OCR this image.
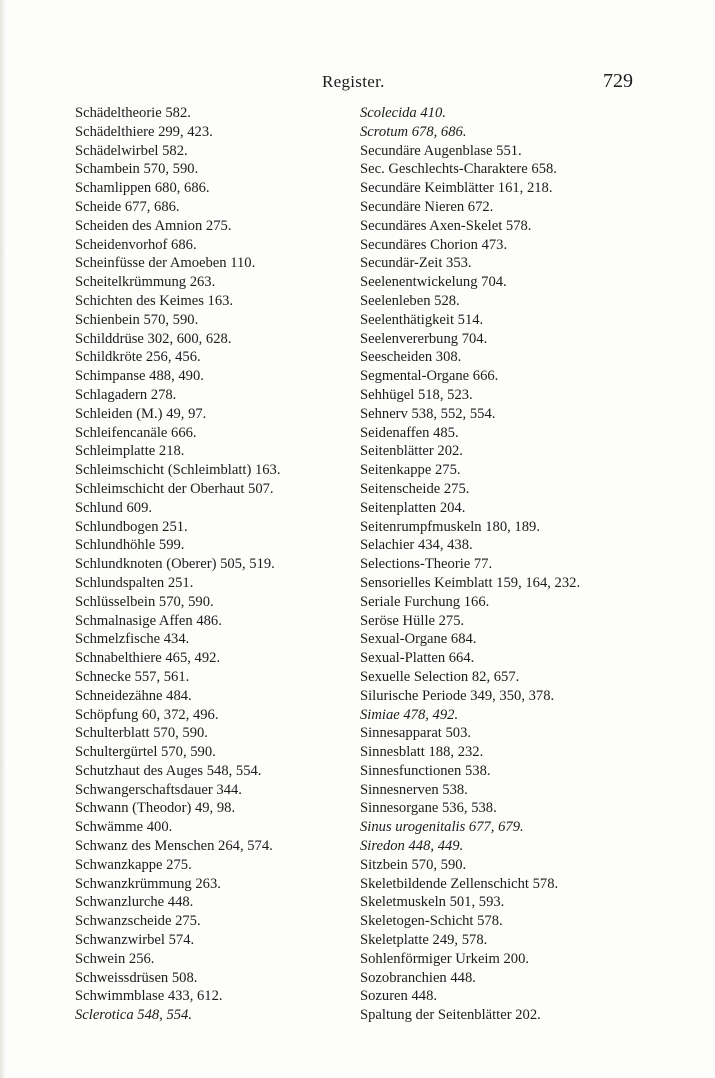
Register.	729
Schädeltheorie 582.
Schädelthiere 299, 423.
Schädelwirbel 582.
Schambein 570, 590.
Schamlippen 680, 686.
Scheide 677, 686.
Scheiden des Amnion 275.
Scheidenvorhof 686.
Scheinfüsse der Amoeben 110.
Scheitelkrümmung 263.
Schichten des Keimes 163.
Schienbein 570, 590.
Schilddrüse 302, 600, 628.
Schildkröte 256, 456.
Schimpanse 488, 490.
Schlagadern 278.
Schleiden (M.) 49, 97.
Schleifencanäle 666.
Schleimplatte 218.
Schleimschicht (Schleimblatt) 163.
Schleimschicht der Oberhaut 507.
Schlund 609.
Schlundbogen 251.
Schlundhöhle 599.
Schlundknoten (Oberer) 505, 519.
Schlundspalten 251.
Schlüsselbein 570, 590.
Schmalnasige Affen 486.
Schmelzfische 434.
Schnabelthiere 465, 492.
Schnecke 557, 561.
Schneidezähne 484.
Schöpfung 60, 372, 496.
Schulterblatt 570, 590.
Schultergürtel 570, 590.
Schutzhaut des Auges 548, 554.
Schwangerschaftsdauer 344.
Schwann (Theodor) 49, 98.
Schwämme 400.
Schwanz des Menschen 264, 574.
Schwanzkappe 275.
Schwanzkrümmung 263.
Schwanzlurche 448.
Schwanzscheide 275.
Schwanzwirbel 574.
Schwein 256.
Schweissdrüsen 508.
Schwimmblase 433, 612.
Sclerotica 548, 554.
Scolecida 410.
Scrotum 678, 686.
Secundäre Augenblase 551.
Sec. Geschlechts-Charaktere 658.
Secundäre Keimblätter 161, 218.
Secundäre Nieren 672.
Secundäres Axen-Skelet 578.
Secundäres Chorion 473.
Secundär-Zeit 353.
Seelenentwickelung 704.
Seelenleben 528.
Seelenthätigkeit 514.
Seelenvererbung 704.
Seescheiden 308.
Segmental-Organe 666.
Sehhügel 518, 523.
Sehnerv 538, 552, 554.
Seidenaffen 485.
Seitenblätter 202.
Seitenkappe 275.
Seitenscheide 275.
Seitenplatten 204.
Seitenrumpfmuskeln 180, 189.
Selachier 434, 438.
Selections-Theorie 77.
Sensorielles Keimblatt 159, 164, 232.
Seriale Furchung 166.
Seröse Hülle 275.
Sexual-Organe 684.
Sexual-Platten 664.
Sexuelle Selection 82, 657.
Silurische Periode 349, 350, 378.
Simiae 478, 492.
Sinnesapparat 503.
Sinnesblatt 188, 232.
Sinnesfunctionen 538.
Sinnesnerven 538.
Sinnesorgane 536, 538.
Sinus urogenitalis 677, 679.
Siredon 448, 449.
Sitzbein 570, 590.
Skeletbildende Zellenschicht 578.
Skeletmuskeln 501, 593.
Skeletogen-Schicht 578.
Skeletplatte 249, 578.
Sohlenförmiger Urkeim 200.
Sozobranchien 448.
Sozuren 448.
Spaltung der Seitenblätter 202.
